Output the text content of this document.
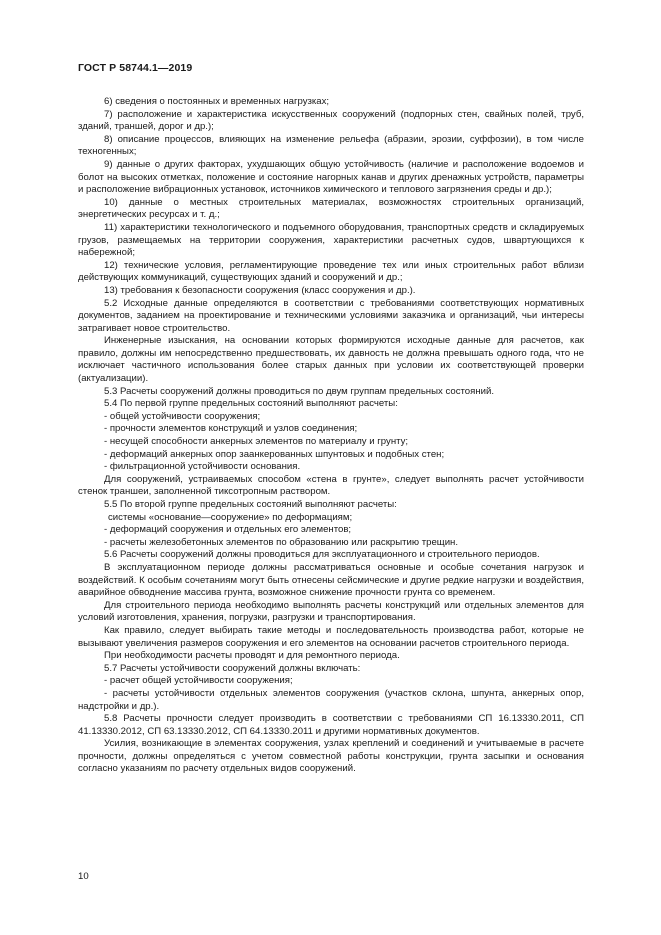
ГОСТ Р 58744.1—2019

6) сведения о постоянных и временных нагрузках;

7) расположение и характеристика искусственных сооружений (подпорных стен, свайных полей, труб, зданий, траншей, дорог и др.);

8) описание процессов, влияющих на изменение рельефа (абразии, эрозии, суффозии), в том числе техногенных;

9) данные о других факторах, ухудшающих общую устойчивость (наличие и расположение водоемов и болот на высоких отметках, положение и состояние нагорных канав и других дренажных устройств, параметры и расположение вибрационных установок, источников химического и теплового загрязнения среды и др.);

10) данные о местных строительных материалах, возможностях строительных организаций, энергетических ресурсах и т. д.;

11) характеристики технологического и подъемного оборудования, транспортных средств и складируемых грузов, размещаемых на территории сооружения, характеристики расчетных судов, швартующихся к набережной;

12) технические условия, регламентирующие проведение тех или иных строительных работ вблизи действующих коммуникаций, существующих зданий и сооружений и др.;

13) требования к безопасности сооружения (класс сооружения и др.).

5.2 Исходные данные определяются в соответствии с требованиями соответствующих нормативных документов, заданием на проектирование и техническими условиями заказчика и организаций, чьи интересы затрагивает новое строительство.

Инженерные изыскания, на основании которых формируются исходные данные для расчетов, как правило, должны им непосредственно предшествовать, их давность не должна превышать одного года, что не исключает частичного использования более старых данных при условии их соответствующей проверки (актуализации).

5.3 Расчеты сооружений должны проводиться по двум группам предельных состояний.

5.4 По первой группе предельных состояний выполняют расчеты:

- общей устойчивости сооружения;

- прочности элементов конструкций и узлов соединения;

- несущей способности анкерных элементов по материалу и грунту;

- деформаций анкерных опор заанкерованных шпунтовых и подобных стен;

- фильтрационной устойчивости основания.

Для сооружений, устраиваемых способом «стена в грунте», следует выполнять расчет устойчивости стенок траншеи, заполненной тиксотропным раствором.

5.5 По второй группе предельных состояний выполняют расчеты:

системы «основание—сооружение» по деформациям;

- деформаций сооружения и отдельных его элементов;

- расчеты железобетонных элементов по образованию или раскрытию трещин.

5.6 Расчеты сооружений должны проводиться для эксплуатационного и строительного периодов.

В эксплуатационном периоде должны рассматриваться основные и особые сочетания нагрузок и воздействий. К особым сочетаниям могут быть отнесены сейсмические и другие редкие нагрузки и воздействия, аварийное обводнение массива грунта, возможное снижение прочности грунта со временем.

Для строительного периода необходимо выполнять расчеты конструкций или отдельных элементов для условий изготовления, хранения, погрузки, разгрузки и транспортирования.

Как правило, следует выбирать такие методы и последовательность производства работ, которые не вызывают увеличения размеров сооружения и его элементов на основании расчетов строительного периода.

При необходимости расчеты проводят и для ремонтного периода.

5.7 Расчеты устойчивости сооружений должны включать:

- расчет общей устойчивости сооружения;

- расчеты устойчивости отдельных элементов сооружения (участков склона, шпунта, анкерных опор, надстройки и др.).

5.8 Расчеты прочности следует производить в соответствии с требованиями СП 16.13330.2011, СП 41.13330.2012, СП 63.13330.2012, СП 64.13330.2011 и другими нормативных документов.

Усилия, возникающие в элементах сооружения, узлах креплений и соединений и учитываемые в расчете прочности, должны определяться с учетом совместной работы конструкции, грунта засыпки и основания согласно указаниям по расчету отдельных видов сооружений.

10
